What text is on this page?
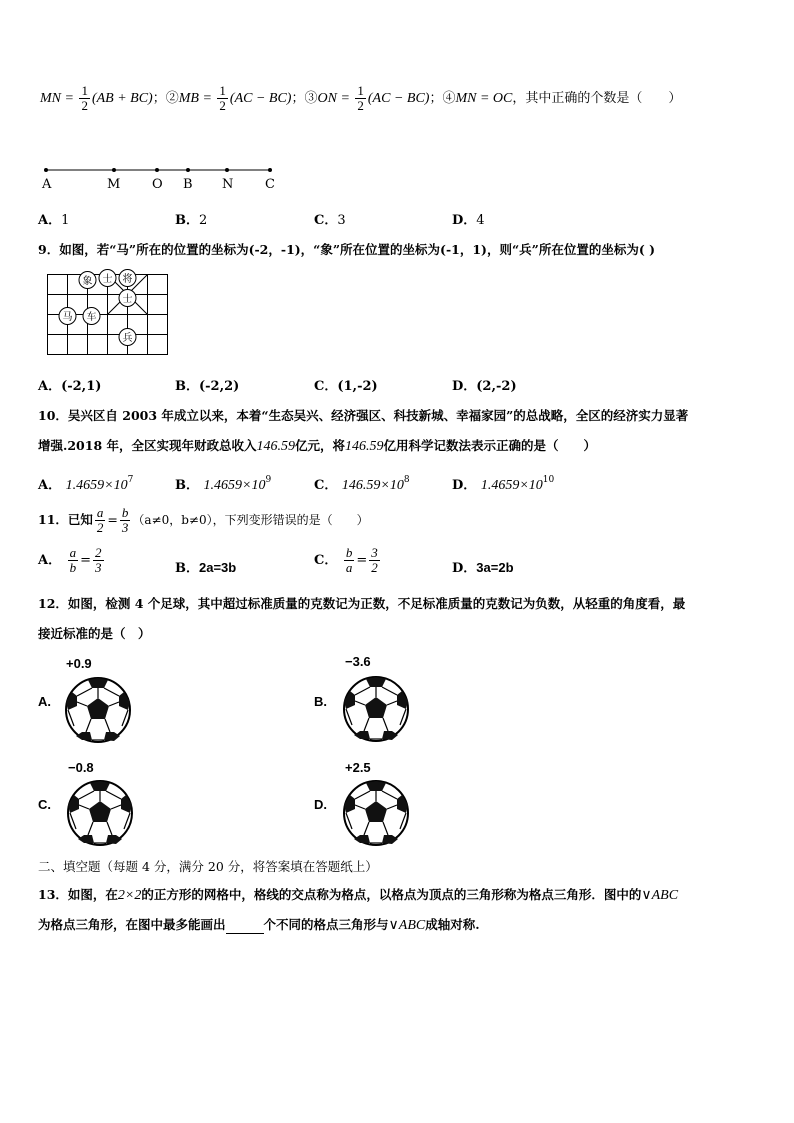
MN = $\frac{1}{2} (AB + BC)$；②MB = $\frac{1}{2} (AC - BC)$；③ON = $\frac{1}{2} (AC - BC)$；④MN = OC，其中正确的个数是（　　）
A	M O B N C
A．1	B．2	C．3	D．4
9．如图，若“马”所在的位置的坐标为(-2，-1)，“象”所在位置的坐标为(-1，1)，则“兵”所在位置的坐标为( )
象 士 将
士
马 车
兵
A．(-2,1)	B．(-2,2)	C．(1,-2)	D．(2,-2)
10．吴兴区自 2003 年成立以来，本着“生态吴兴、经济强区、科技新城、幸福家园”的总战略，全区的经济实力显著
增强.2018 年，全区实现年财政总收入146.59亿元，将146.59亿用科学记数法表示正确的是（　　）
A． $1.4659\times 10^7$	B． $1.4659\times 10^9$	C． $146.59\times 10^8$	D． $1.4659\times 10^{10}$
11．已知 $\frac{a}{2} = \frac{b}{3} (a\ne 0$，b≠0），下列变形错误的是（　　）
A． $\frac{a}{b} = \frac{2}{3}$	B．2a=3b	C． $\frac{b}{a} = \frac{3}{2}$	D．3a=2b
12．如图，检测 4 个足球，其中超过标准质量的克数记为正数，不足标准质量的克数记为负数，从轻重的角度看，最
接近标准的是（　）
+0.9
A.
−3.6
B.
−0.8
C.
+2.5
D.
二、填空题（每题 4 分，满分 20 分，将答案填在答题纸上）
13．如图，在2×2的正方形的网格中，格线的交点称为格点，以格点为顶点的三角形称为格点三角形．图中的∨ABC
为格点三角形，在图中最多能画出	个不同的格点三角形与∨ABC成轴对称.
